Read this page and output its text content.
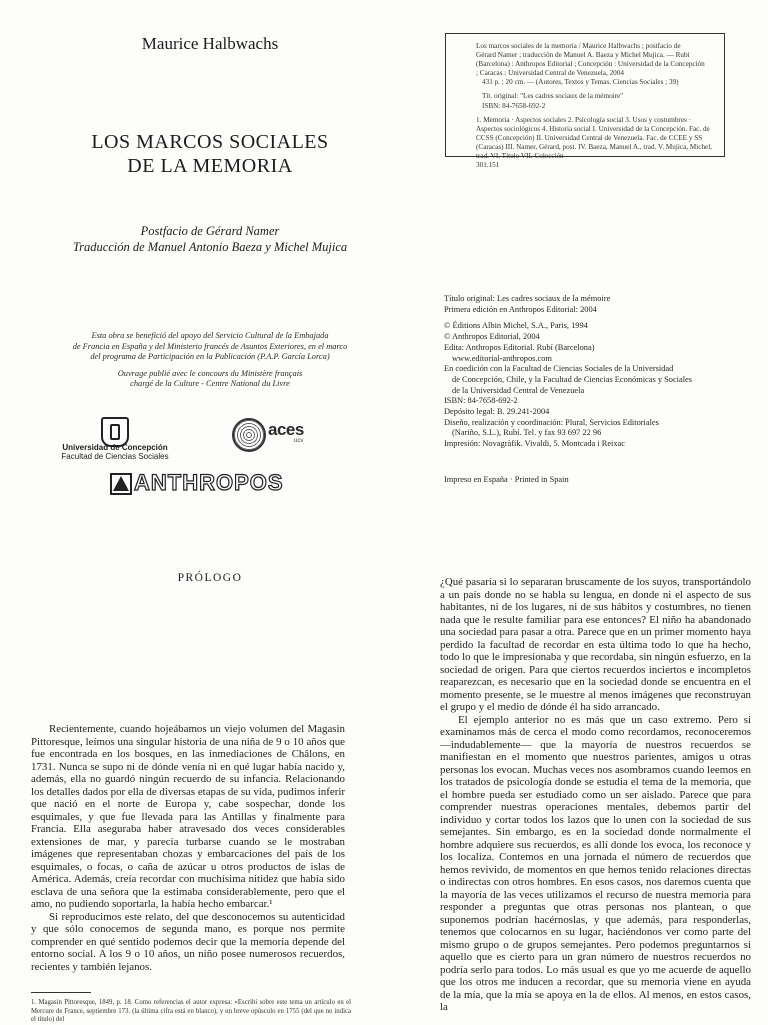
Maurice Halbwachs
LOS MARCOS SOCIALES
DE LA MEMORIA
Postfacio de Gérard Namer
Traducción de Manuel Antonio Baeza y Michel Mujica
Esta obra se benefició del apoyo del Servicio Cultural de la Embajada
de Francia en España y del Ministerio francés de Asuntos Exteriores, en el marco
del programa de Participación en la Publicación (P.A.P. García Lorca)
Ouvrage publié avec le concours du Ministère français
chargé de la Culture - Centre National du Livre
Universidad de Concepción
Facultad de Ciencias Sociales
aces
ucv
ANTHROPOS
Los marcos sociales de la memoria / Maurice Halbwachs ; postfacio de
Gérard Namer ; traducción de Manuel A. Baeza y Michel Mujica. — Rubí
(Barcelona) : Anthropos Editorial ; Concepción : Universidad de la Concepción
; Caracas : Universidad Central de Venezuela, 2004
431 p. ; 20 cm. — (Autores, Textos y Temas. Ciencias Sociales ; 39)
Tít. original: "Les cadres sociaux de la mémoire"
ISBN: 84-7658-692-2
1. Memoria · Aspectos sociales 2. Psicología social 3. Usos y costumbres ·
Aspectos sociológicos 4. Historia social I. Universidad de la Concepción. Fac. de
CCSS (Concepción) II. Universidad Central de Venezuela. Fac. de CCEE y SS
(Caracas) III. Namer, Gérard, post. IV. Baeza, Manuel A., trad. V. Mujica, Michel,
trad. VI. Título VII. Colección
301.151
Título original: Les cadres sociaux de la mémoire
Primera edición en Anthropos Editorial: 2004
© Éditions Albin Michel, S.A., Paris, 1994
© Anthropos Editorial, 2004
Edita: Anthropos Editorial. Rubí (Barcelona)
www.editorial-anthropos.com
En coedición con la Facultad de Ciencias Sociales de la Universidad
de Concepción, Chile, y la Facultad de Ciencias Económicas y Sociales
de la Universidad Central de Venezuela
ISBN: 84-7658-692-2
Depósito legal: B. 29.241-2004
Diseño, realización y coordinación: Plural, Servicios Editoriales
(Nariño, S.L.), Rubí. Tel. y fax 93 697 22 96
Impresión: Novagràfik. Vivaldi, 5. Montcada i Reixac
Impreso en España · Printed in Spain
PRÓLOGO

Recientemente, cuando hojeábamos un viejo volumen del Magasin Pittoresque, leímos una singular historia de una niña de 9 o 10 años que fue encontrada en los bosques, en las inmediaciones de Châlons, en 1731. Nunca se supo ni de dónde venía ni en qué lugar había nacido y, además, ella no guardó ningún recuerdo de su infancia. Relacionando los detalles dados por ella de diversas etapas de su vida, pudimos inferir que nació en el norte de Europa y, cabe sospechar, donde los esquimales, y que fue llevada para las Antillas y finalmente para Francia. Ella aseguraba haber atravesado dos veces considerables extensiones de mar, y parecía turbarse cuando se le mostraban imágenes que representaban chozas y embarcaciones del país de los esquimales, o focas, o caña de azúcar u otros productos de islas de América. Además, creía recordar con muchísima nitidez que había sido esclava de una señora que la estimaba considerablemente, pero que el amo, no pudiendo soportarla, la había hecho embarcar.¹

Si reproducimos este relato, del que desconocemos su autenticidad y que sólo conocemos de segunda mano, es porque nos permite comprender en qué sentido podemos decir que la memoria depende del entorno social. A los 9 o 10 años, un niño posee numerosos recuerdos, recientes y también lejanos.

1. Magasin Pittoresque, 1849, p. 18. Como referencias el autor expresa: «Escribí sobre este tema un artículo en el Mercure de France, septiembre 173. (la última cifra está en blanco), y un breve opúsculo en 1755 (del que no indica el título) del

¿Qué pasaría si lo separaran bruscamente de los suyos, transportándolo a un país donde no se habla su lengua, en donde ni el aspecto de sus habitantes, ni de los lugares, ni de sus hábitos y costumbres, no tienen nada que le resulte familiar para ese entonces? El niño ha abandonado una sociedad para pasar a otra. Parece que en un primer momento haya perdido la facultad de recordar en esta última todo lo que ha hecho, todo lo que le impresionaba y que recordaba, sin ningún esfuerzo, en la sociedad de origen. Para que ciertos recuerdos inciertos e incompletos reaparezcan, es necesario que en la sociedad donde se encuentra en el momento presente, se le muestre al menos imágenes que reconstruyan el grupo y el medio de dónde él ha sido arrancado.

El ejemplo anterior no es más que un caso extremo. Pero si examinamos más de cerca el modo como recordamos, reconoceremos —indudablemente— que la mayoría de nuestros recuerdos se manifiestan en el momento que nuestros parientes, amigos u otras personas los evocan. Muchas veces nos asombramos cuando leemos en los tratados de psicología donde se estudia el tema de la memoria, que el hombre pueda ser estudiado como un ser aislado. Parece que para comprender nuestras operaciones mentales, debemos partir del individuo y cortar todos los lazos que lo unen con la sociedad de sus semejantes. Sin embargo, es en la sociedad donde normalmente el hombre adquiere sus recuerdos, es allí donde los evoca, los reconoce y los localiza. Contemos en una jornada el número de recuerdos que hemos revivido, de momentos en que hemos tenido relaciones directas o indirectas con otros hombres. En esos casos, nos daremos cuenta que la mayoría de las veces utilizamos el recurso de nuestra memoria para responder a preguntas que otras personas nos plantean, o que suponemos podrían hacérnoslas, y que además, para responderlas, tenemos que colocarnos en su lugar, haciéndonos ver como parte del mismo grupo o de grupos semejantes. Pero podemos preguntarnos si aquello que es cierto para un gran número de nuestros recuerdos no podría serlo para todos. Lo más usual es que yo me acuerde de aquello que los otros me inducen a recordar, que su memoria viene en ayuda de la mía, que la mía se apoya en la de ellos. Al menos, en estos casos, la
